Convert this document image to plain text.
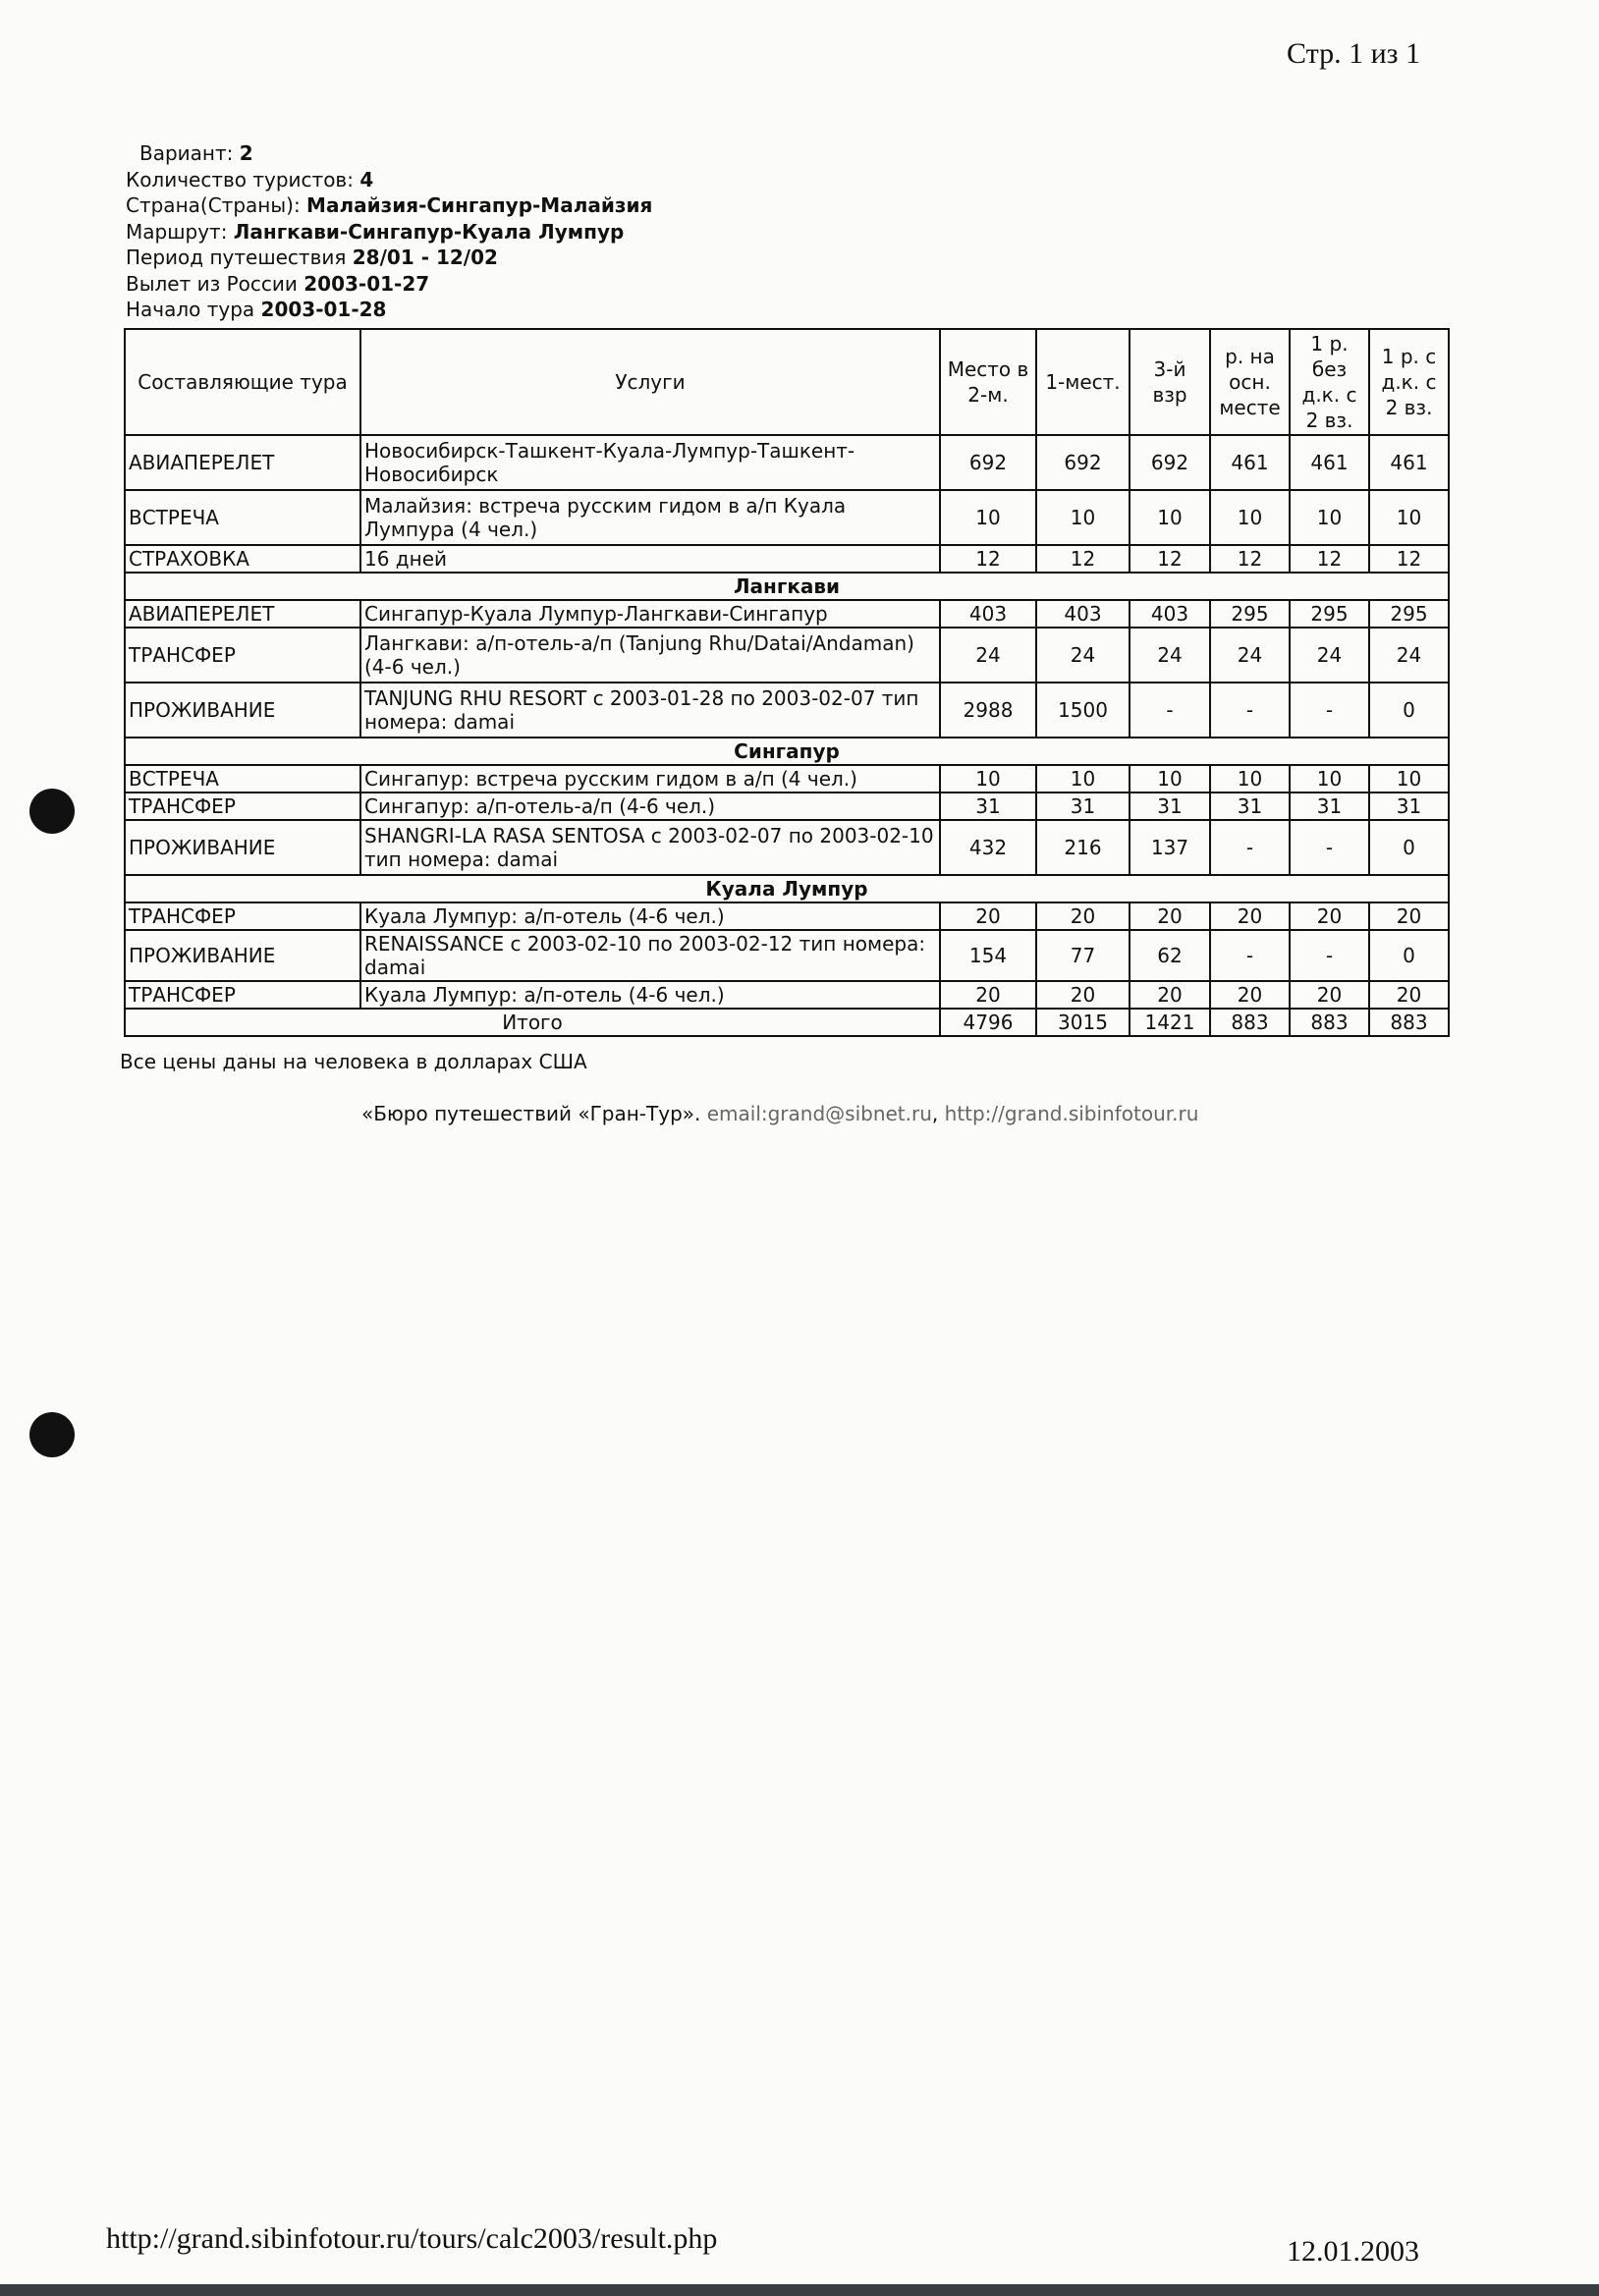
Стр. 1 из 1
Вариант: 2
Количество туристов: 4
Страна(Страны): Малайзия-Сингапур-Малайзия
Маршрут: Лангкави-Сингапур-Куала Лумпур
Период путешествия 28/01 - 12/02
Вылет из России 2003-01-27
Начало тура 2003-01-28
Составляющие тура	Услуги	Место в 2-м.	1-мест.	3-й взр	р. на осн. месте	1 р. без д.к. с 2 вз.	1 р. с д.к. с 2 вз.
АВИАПЕРЕЛЕТ	Новосибирск-Ташкент-Куала-Лумпур-Ташкент-Новосибирск	692	692	692	461	461	461
ВСТРЕЧА	Малайзия: встреча русским гидом в а/п Куала Лумпура (4 чел.)	10	10	10	10	10	10
СТРАХОВКА	16 дней	12	12	12	12	12	12
Лангкави							
АВИАПЕРЕЛЕТ	Сингапур-Куала Лумпур-Лангкави-Сингапур	403	403	403	295	295	295
ТРАНСФЕР	Лангкави: а/п-отель-а/п (Tanjung Rhu/Datai/Andaman) (4-6 чел.)	24	24	24	24	24	24
ПРОЖИВАНИЕ	TANJUNG RHU RESORT с 2003-01-28 по 2003-02-07 тип номера: damai	2988	1500	-	-	-	0
Сингапур							
ВСТРЕЧА	Сингапур: встреча русским гидом в а/п (4 чел.)	10	10	10	10	10	10
ТРАНСФЕР	Сингапур: а/п-отель-а/п (4-6 чел.)	31	31	31	31	31	31
ПРОЖИВАНИЕ	SHANGRI-LA RASA SENTOSA с 2003-02-07 по 2003-02-10 тип номера: damai	432	216	137	-	-	0
Куала Лумпур							
ТРАНСФЕР	Куала Лумпур: а/п-отель (4-6 чел.)	20	20	20	20	20	20
ПРОЖИВАНИЕ	RENAISSANCE с 2003-02-10 по 2003-02-12 тип номера: damai	154	77	62	-	-	0
ТРАНСФЕР	Куала Лумпур: а/п-отель (4-6 чел.)	20	20	20	20	20	20
Итого		4796	3015	1421	883	883	883
Все цены даны на человека в долларах США
«Бюро путешествий «Гран-Тур». email:grand@sibnet.ru, http://grand.sibinfotour.ru
http://grand.sibinfotour.ru/tours/calc2003/result.php	12.01.2003
